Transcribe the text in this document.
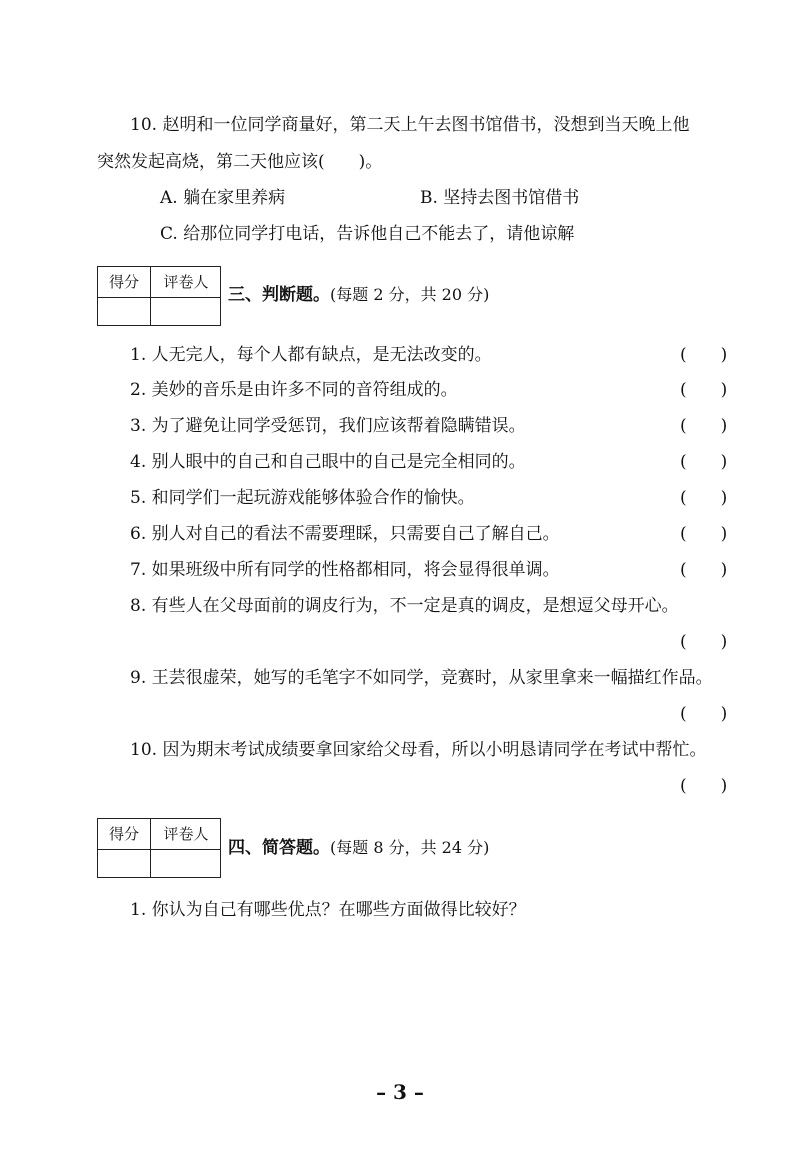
10. 赵明和一位同学商量好，第二天上午去图书馆借书，没想到当天晚上他
突然发起高烧，第二天他应该(　　)。
A. 躺在家里养病	B. 坚持去图书馆借书
C. 给那位同学打电话，告诉他自己不能去了，请他谅解
得分	评卷人
三、判断题。(每题 2 分，共 20 分)
1. 人无完人，每个人都有缺点，是无法改变的。	(　　)
2. 美妙的音乐是由许多不同的音符组成的。	(　　)
3. 为了避免让同学受惩罚，我们应该帮着隐瞒错误。	(　　)
4. 别人眼中的自己和自己眼中的自己是完全相同的。	(　　)
5. 和同学们一起玩游戏能够体验合作的愉快。	(　　)
6. 别人对自己的看法不需要理睬，只需要自己了解自己。	(　　)
7. 如果班级中所有同学的性格都相同，将会显得很单调。	(　　)
8. 有些人在父母面前的调皮行为，不一定是真的调皮，是想逗父母开心。
(　　)
9. 王芸很虚荣，她写的毛笔字不如同学，竞赛时，从家里拿来一幅描红作品。
(　　)
10. 因为期末考试成绩要拿回家给父母看，所以小明恳请同学在考试中帮忙。
(　　)
得分	评卷人
四、简答题。(每题 8 分，共 24 分)
1. 你认为自己有哪些优点？在哪些方面做得比较好？
– 3 –
